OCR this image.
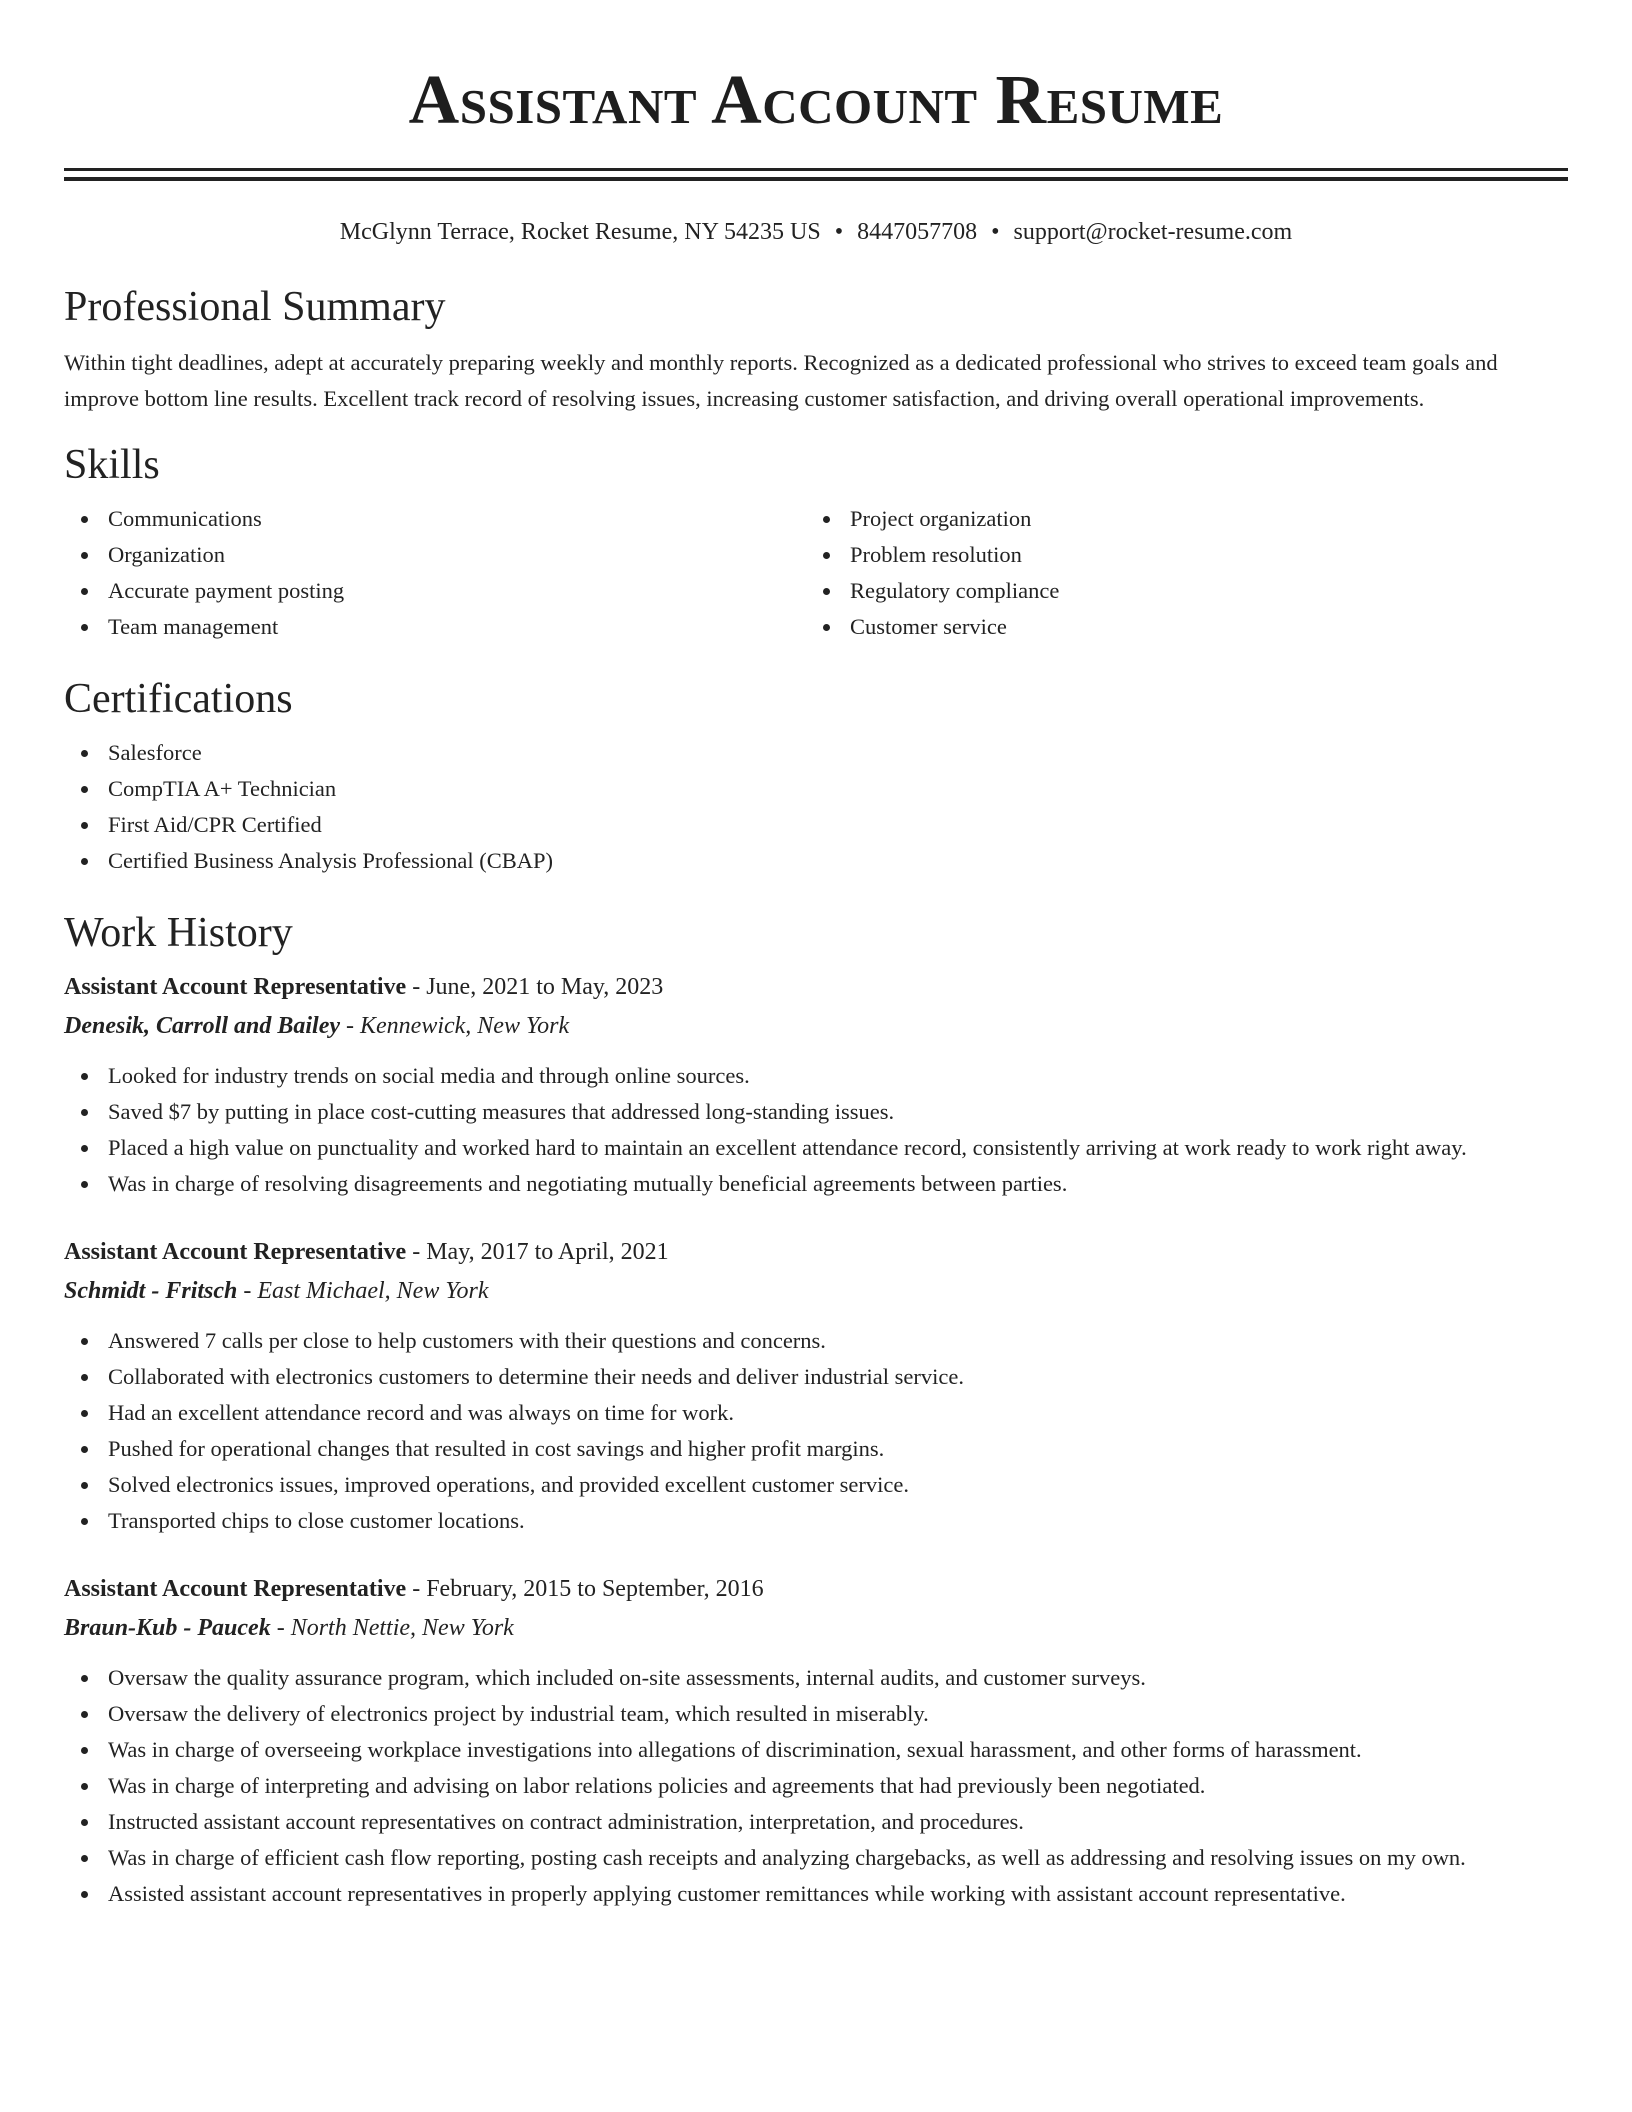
Assistant Account Resume
McGlynn Terrace, Rocket Resume, NY 54235 US • 8447057708 • support@rocket-resume.com
Professional Summary

Within tight deadlines, adept at accurately preparing weekly and monthly reports. Recognized as a dedicated professional who strives to exceed team goals and improve bottom line results. Excellent track record of resolving issues, increasing customer satisfaction, and driving overall operational improvements.

Skills
Communications
Organization
Accurate payment posting
Team management
Project organization
Problem resolution
Regulatory compliance
Customer service
Certifications
Salesforce
CompTIA A+ Technician
First Aid/CPR Certified
Certified Business Analysis Professional (CBAP)
Work History
Assistant Account Representative - June, 2021 to May, 2023
Denesik, Carroll and Bailey - Kennewick, New York
Looked for industry trends on social media and through online sources.
Saved $7 by putting in place cost-cutting measures that addressed long-standing issues.
Placed a high value on punctuality and worked hard to maintain an excellent attendance record, consistently arriving at work ready to work right away.
Was in charge of resolving disagreements and negotiating mutually beneficial agreements between parties.
Assistant Account Representative - May, 2017 to April, 2021
Schmidt - Fritsch - East Michael, New York
Answered 7 calls per close to help customers with their questions and concerns.
Collaborated with electronics customers to determine their needs and deliver industrial service.
Had an excellent attendance record and was always on time for work.
Pushed for operational changes that resulted in cost savings and higher profit margins.
Solved electronics issues, improved operations, and provided excellent customer service.
Transported chips to close customer locations.
Assistant Account Representative - February, 2015 to September, 2016
Braun-Kub - Paucek - North Nettie, New York
Oversaw the quality assurance program, which included on-site assessments, internal audits, and customer surveys.
Oversaw the delivery of electronics project by industrial team, which resulted in miserably.
Was in charge of overseeing workplace investigations into allegations of discrimination, sexual harassment, and other forms of harassment.
Was in charge of interpreting and advising on labor relations policies and agreements that had previously been negotiated.
Instructed assistant account representatives on contract administration, interpretation, and procedures.
Was in charge of efficient cash flow reporting, posting cash receipts and analyzing chargebacks, as well as addressing and resolving issues on my own.
Assisted assistant account representatives in properly applying customer remittances while working with assistant account representative.
